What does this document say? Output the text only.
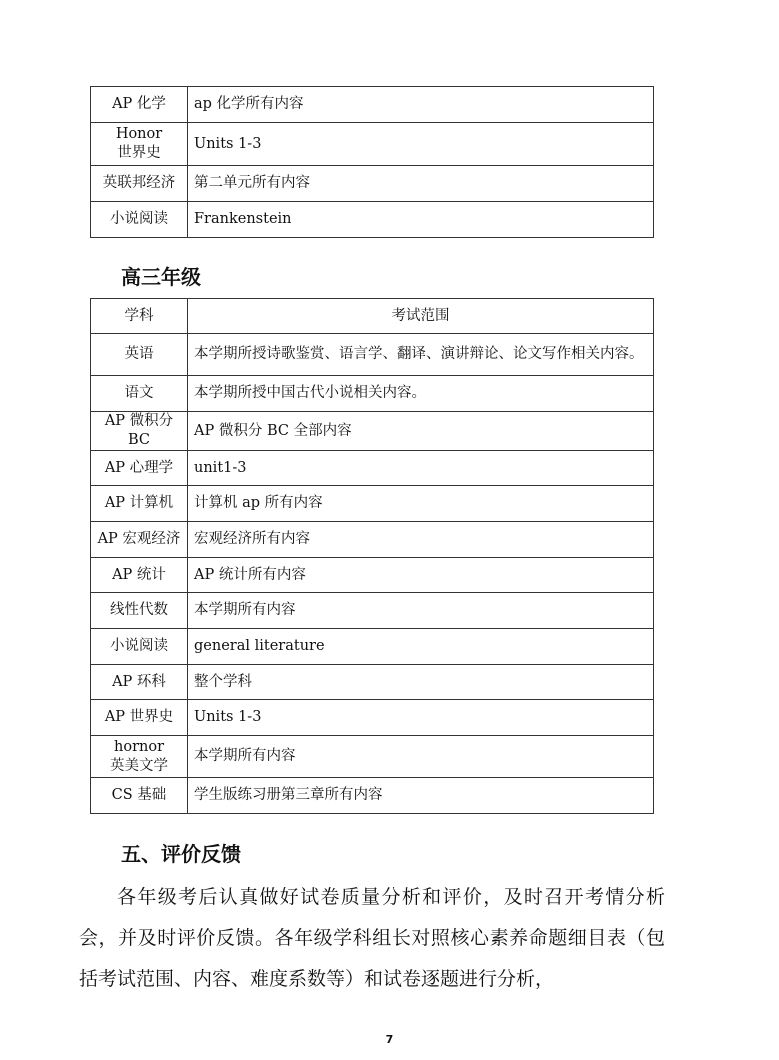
AP 化学	ap 化学所有内容
Honor
世界史	Units 1-3
英联邦经济	第二单元所有内容
小说阅读	Frankenstein
高三年级
学科	考试范围
英语	本学期所授诗歌鉴赏、语言学、翻译、演讲辩论、论文写作相关内容。
语文	本学期所授中国古代小说相关内容。
AP 微积分 BC	AP 微积分 BC 全部内容
AP 心理学	unit1-3
AP 计算机	计算机 ap 所有内容
AP 宏观经济	宏观经济所有内容
AP 统计	AP 统计所有内容
线性代数	本学期所有内容
小说阅读	general literature
AP 环科	整个学科
AP 世界史	Units 1-3
hornor
英美文学	本学期所有内容
CS 基础	学生版练习册第三章所有内容
五、评价反馈

各年级考后认真做好试卷质量分析和评价，及时召开考情分析会，并及时评价反馈。各年级学科组长对照核心素养命题细目表（包括考试范围、内容、难度系数等）和试卷逐题进行分析，

7
